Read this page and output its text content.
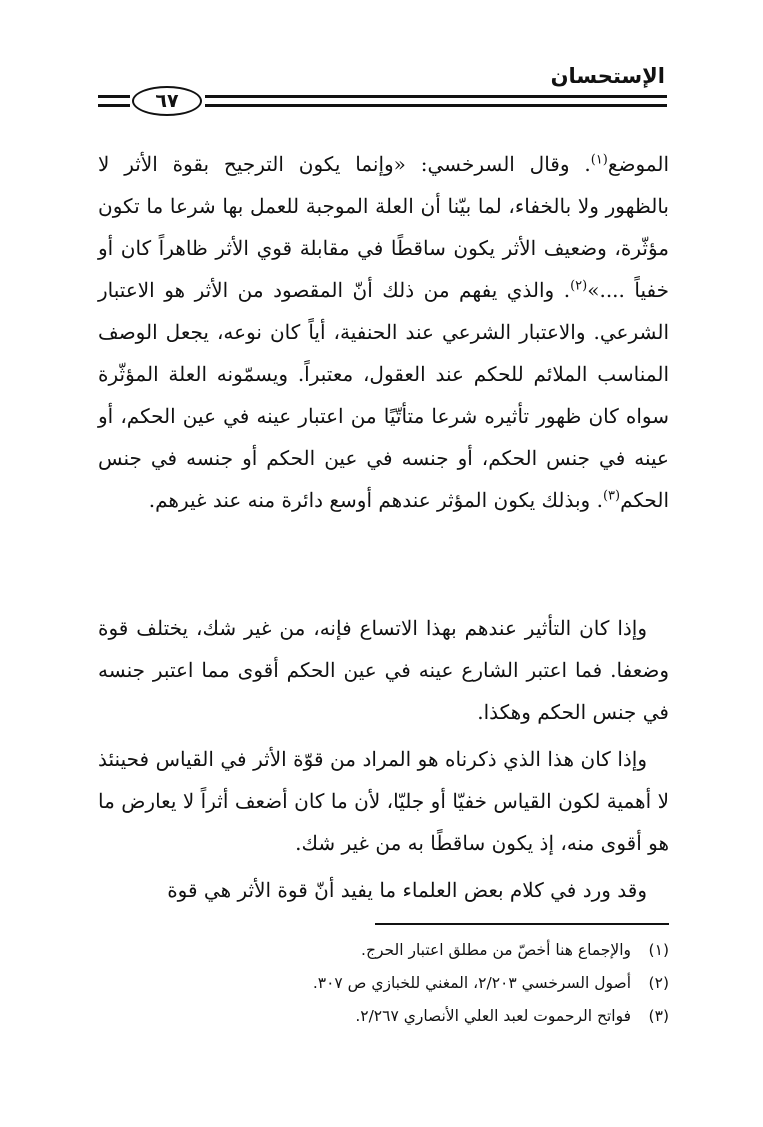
الإستحسان
٦٧

الموضع$^{(١)}$. وقال السرخسي: «وإنما يكون الترجيح بقوة الأثر لا بالظهور ولا بالخفاء، لما بيّنا أن العلة الموجبة للعمل بها شرعا ما تكون مؤثّرة، وضعيف الأثر يكون ساقطًا في مقابلة قوي الأثر ظاهراً كان أو خفياً ....»$^{(٢)}$. والذي يفهم من ذلك أنّ المقصود من الأثر هو الاعتبار الشرعي. والاعتبار الشرعي عند الحنفية، أياً كان نوعه، يجعل الوصف المناسب الملائم للحكم عند العقول، معتبراً. ويسمّونه العلة المؤثّرة سواه كان ظهور تأثيره شرعا متأتّيًا من اعتبار عينه في عين الحكم، أو عينه في جنس الحكم، أو جنسه في عين الحكم أو جنسه في جنس الحكم$^{(٣)}$. وبذلك يكون المؤثر عندهم أوسع دائرة منه عند غيرهم.

وإذا كان التأثير عندهم بهذا الاتساع فإنه، من غير شك، يختلف قوة وضعفا. فما اعتبر الشارع عينه في عين الحكم أقوى مما اعتبر جنسه في جنس الحكم وهكذا.

وإذا كان هذا الذي ذكرناه هو المراد من قوّة الأثر في القياس فحينئذ لا أهمية لكون القياس خفيّا أو جليّا، لأن ما كان أضعف أثراً لا يعارض ما هو أقوى منه، إذ يكون ساقطًا به من غير شك.

وقد ورد في كلام بعض العلماء ما يفيد أنّ قوة الأثر هي قوة

(١)
والإجماع هنا أخصّ من مطلق اعتبار الحرج.
(٢)
أصول السرخسي ٢/٢٠٣، المغني للخبازي ص ٣٠٧.
(٣)
فواتح الرحموت لعبد العلي الأنصاري ٢/٢٦٧.
